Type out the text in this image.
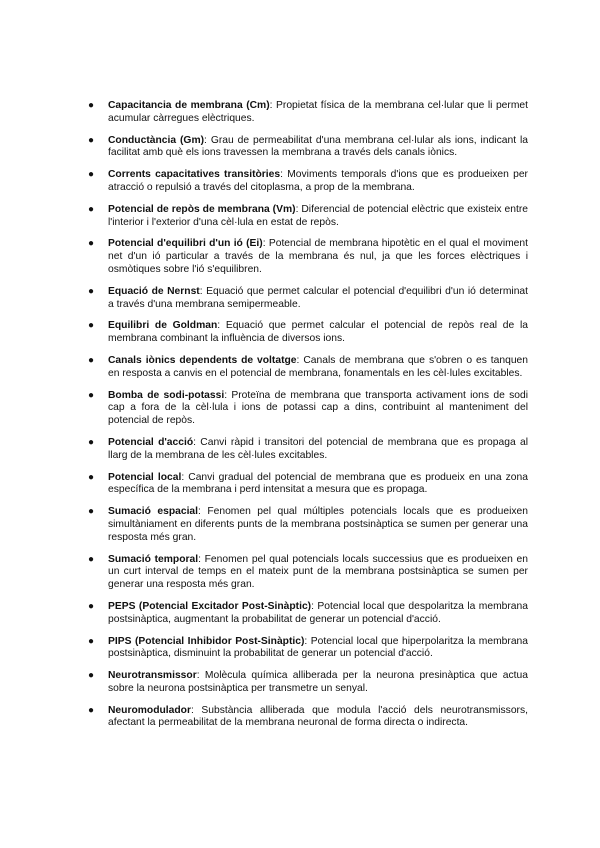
● Capacitancia de membrana (Cm): Propietat física de la membrana cel·lular que li permet acumular càrregues elèctriques.
● Conductància (Gm): Grau de permeabilitat d'una membrana cel·lular als ions, indicant la facilitat amb què els ions travessen la membrana a través dels canals iònics.
● Corrents capacitatives transitòries: Moviments temporals d'ions que es produeixen per atracció o repulsió a través del citoplasma, a prop de la membrana.
● Potencial de repòs de membrana (Vm): Diferencial de potencial elèctric que existeix entre l'interior i l'exterior d'una cèl·lula en estat de repòs.
● Potencial d'equilibri d'un ió (Ei): Potencial de membrana hipotètic en el qual el moviment net d'un ió particular a través de la membrana és nul, ja que les forces elèctriques i osmòtiques sobre l'ió s'equilibren.
● Equació de Nernst: Equació que permet calcular el potencial d'equilibri d'un ió determinat a través d'una membrana semipermeable.
● Equilibri de Goldman: Equació que permet calcular el potencial de repòs real de la membrana combinant la influència de diversos ions.
● Canals iònics dependents de voltatge: Canals de membrana que s'obren o es tanquen en resposta a canvis en el potencial de membrana, fonamentals en les cèl·lules excitables.
● Bomba de sodi-potassi: Proteïna de membrana que transporta activament ions de sodi cap a fora de la cèl·lula i ions de potassi cap a dins, contribuint al manteniment del potencial de repòs.
● Potencial d'acció: Canvi ràpid i transitori del potencial de membrana que es propaga al llarg de la membrana de les cèl·lules excitables.
● Potencial local: Canvi gradual del potencial de membrana que es produeix en una zona específica de la membrana i perd intensitat a mesura que es propaga.
● Sumació espacial: Fenomen pel qual múltiples potencials locals que es produeixen simultàniament en diferents punts de la membrana postsinàptica se sumen per generar una resposta més gran.
● Sumació temporal: Fenomen pel qual potencials locals successius que es produeixen en un curt interval de temps en el mateix punt de la membrana postsinàptica se sumen per generar una resposta més gran.
● PEPS (Potencial Excitador Post-Sinàptic): Potencial local que despolaritza la membrana postsinàptica, augmentant la probabilitat de generar un potencial d'acció.
● PIPS (Potencial Inhibidor Post-Sinàptic): Potencial local que hiperpolaritza la membrana postsinàptica, disminuint la probabilitat de generar un potencial d'acció.
● Neurotransmissor: Molècula química alliberada per la neurona presinàptica que actua sobre la neurona postsinàptica per transmetre un senyal.
● Neuromodulador: Substància alliberada que modula l'acció dels neurotransmissors, afectant la permeabilitat de la membrana neuronal de forma directa o indirecta.
